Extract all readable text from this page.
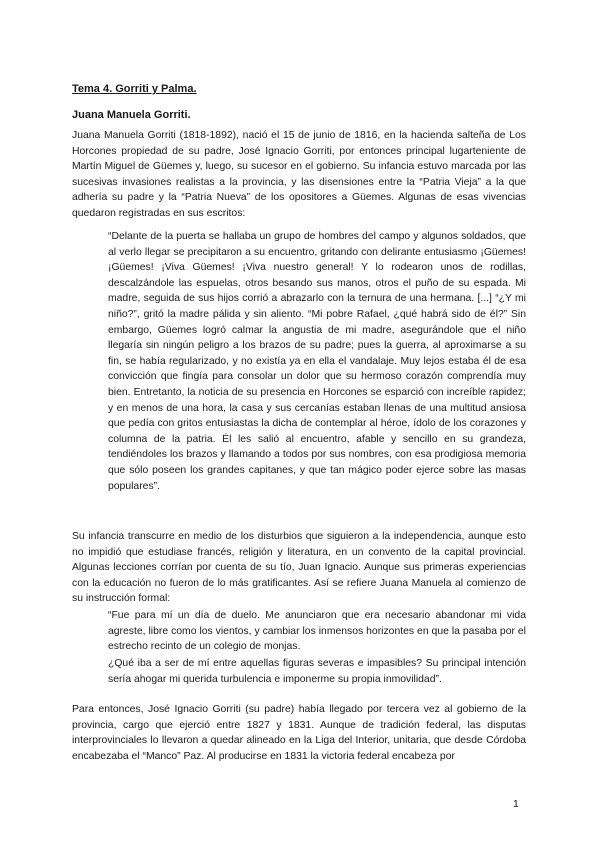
Tema 4. Gorriti y Palma.
Juana Manuela Gorriti.

Juana Manuela Gorriti (1818-1892), nació el 15 de junio de 1816, en la hacienda salteña de Los Horcones propiedad de su padre, José Ignacio Gorriti, por entonces principal lugarteniente de Martín Miguel de Güemes y, luego, su sucesor en el gobierno. Su infancia estuvo marcada por las sucesivas invasiones realistas a la provincia, y las disensiones entre la “Patria Vieja” a la que adhería su padre y la “Patria Nueva” de los opositores a Güemes. Algunas de esas vivencias quedaron registradas en sus escritos:

“Delante de la puerta se hallaba un grupo de hombres del campo y algunos soldados, que al verlo llegar se precipitaron a su encuentro, gritando con delirante entusiasmo ¡Güemes! ¡Güemes! ¡Viva Güemes! ¡Viva nuestro general! Y lo rodearon unos de rodillas, descalzándole las espuelas, otros besando sus manos, otros el puño de su espada. Mi madre, seguida de sus hijos corrió a abrazarlo con la ternura de una hermana. [...] “¿Y mi niño?”, gritó la madre pálida y sin aliento. “Mi pobre Rafael, ¿qué habrá sido de él?” Sin embargo, Güemes logró calmar la angustia de mi madre, asegurándole que el niño llegaría sin ningún peligro a los brazos de su padre; pues la guerra, al aproximarse a su fin, se había regularizado, y no existía ya en ella el vandalaje. Muy lejos estaba él de esa convicción que fingía para consolar un dolor que su hermoso corazón comprendía muy bien. Entretanto, la noticia de su presencia en Horcones se esparció con increíble rapidez; y en menos de una hora, la casa y sus cercanías estaban llenas de una multitud ansiosa que pedía con gritos entusiastas la dicha de contemplar al héroe, ídolo de los corazones y columna de la patria. Él les salió al encuentro, afable y sencillo en su grandeza, tendiéndoles los brazos y llamando a todos por sus nombres, con esa prodigiosa memoria que sólo poseen los grandes capitanes, y que tan mágico poder ejerce sobre las masas populares”.

Su infancia transcurre en medio de los disturbios que siguieron a la independencia, aunque esto no impidió que estudiase francés, religión y literatura, en un convento de la capital provincial. Algunas lecciones corrían por cuenta de su tío, Juan Ignacio. Aunque sus primeras experiencias con la educación no fueron de lo más gratificantes. Así se refiere Juana Manuela al comienzo de su instrucción formal:

“Fue para mí un día de duelo. Me anunciaron que era necesario abandonar mi vida agreste, libre como los vientos, y cambiar los inmensos horizontes en que la pasaba por el estrecho recinto de un colegio de monjas.

¿Qué iba a ser de mí entre aquellas figuras severas e impasibles? Su principal intención sería ahogar mi querida turbulencia e imponerme su propia inmovilidad”.

Para entonces, José Ignacio Gorriti (su padre) había llegado por tercera vez al gobierno de la provincia, cargo que ejerció entre 1827 y 1831. Aunque de tradición federal, las disputas interprovinciales lo llevaron a quedar alineado en la Liga del Interior, unitaria, que desde Córdoba encabezaba el “Manco” Paz. Al producirse en 1831 la victoria federal encabeza por

1
